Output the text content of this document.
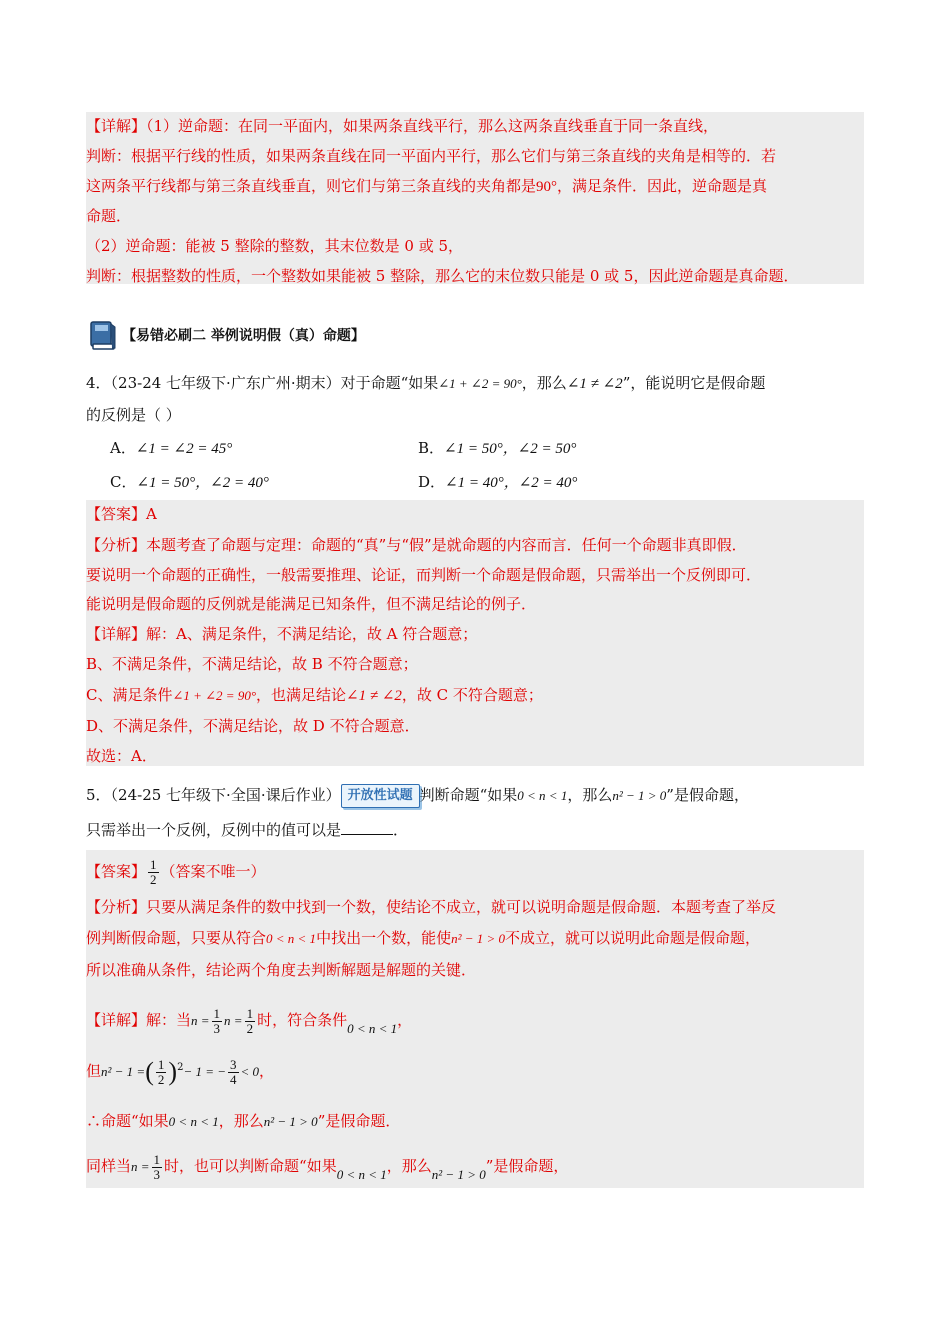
【详解】（1）逆命题：在同一平面内，如果两条直线平行，那么这两条直线垂直于同一条直线，
判断：根据平行线的性质，如果两条直线在同一平面内平行，那么它们与第三条直线的夹角是相等的．若
这两条平行线都与第三条直线垂直，则它们与第三条直线的夹角都是90°，满足条件．因此，逆命题是真
命题．
（2）逆命题：能被 5 整除的整数，其末位数是 0 或 5，
判断：根据整数的性质，一个整数如果能被 5 整除，那么它的末位数只能是 0 或 5，因此逆命题是真命题．
【易错必刷二 举例说明假（真）命题】
4．（23-24 七年级下·广东广州·期末）对于命题“如果∠1 + ∠2 = 90°，那么∠1 ≠ ∠2”，能说明它是假命题
的反例是（ ）
A．∠1 = ∠2 = 45°	B．∠1 = 50°，∠2 = 50°
C．∠1 = 50°，∠2 = 40°	D．∠1 = 40°，∠2 = 40°
【答案】A
【分析】本题考查了命题与定理：命题的“真”与“假”是就命题的内容而言．任何一个命题非真即假．
要说明一个命题的正确性，一般需要推理、论证，而判断一个命题是假命题，只需举出一个反例即可．
能说明是假命题的反例就是能满足已知条件，但不满足结论的例子．
【详解】解：A、满足条件，不满足结论，故 A 符合题意；
B、不满足条件，不满足结论，故 B 不符合题意；
C、满足条件∠1 + ∠2 = 90°，也满足结论∠1 ≠ ∠2，故 C 不符合题意；
D、不满足条件，不满足结论，故 D 不符合题意．
故选：A．
5．（24-25 七年级下·全国·课后作业） 开放性试题 判断命题“如果0 < n < 1，那么n² − 1 > 0”是假命题，
只需举出一个反例，反例中的值可以是	．
【答案】 $\frac{1}{2}$ （答案不唯一）
【分析】只要从满足条件的数中找到一个数，使结论不成立，就可以说明命题是假命题．本题考查了举反
例判断假命题，只要从符合0 < n < 1中找出一个数，能使n² − 1 > 0不成立，就可以说明此命题是假命题，
所以准确从条件，结论两个角度去判断解题是解题的关键．
【详解】解：当$n = \frac{1}{3}$ $n = \frac{1}{2}$ 时，符合条件0 < n < 1，
但n² − 1 =( $\frac{1}{2} )^2- 1$ = − $\frac{3}{4} < 0$，
∴命题“如果0 < n < 1，那么n² − 1 > 0”是假命题．
同样当$n = \frac{1}{3}$ 时，也可以判断命题“如果0 < n < 1，那么n² − 1 > 0”是假命题，
